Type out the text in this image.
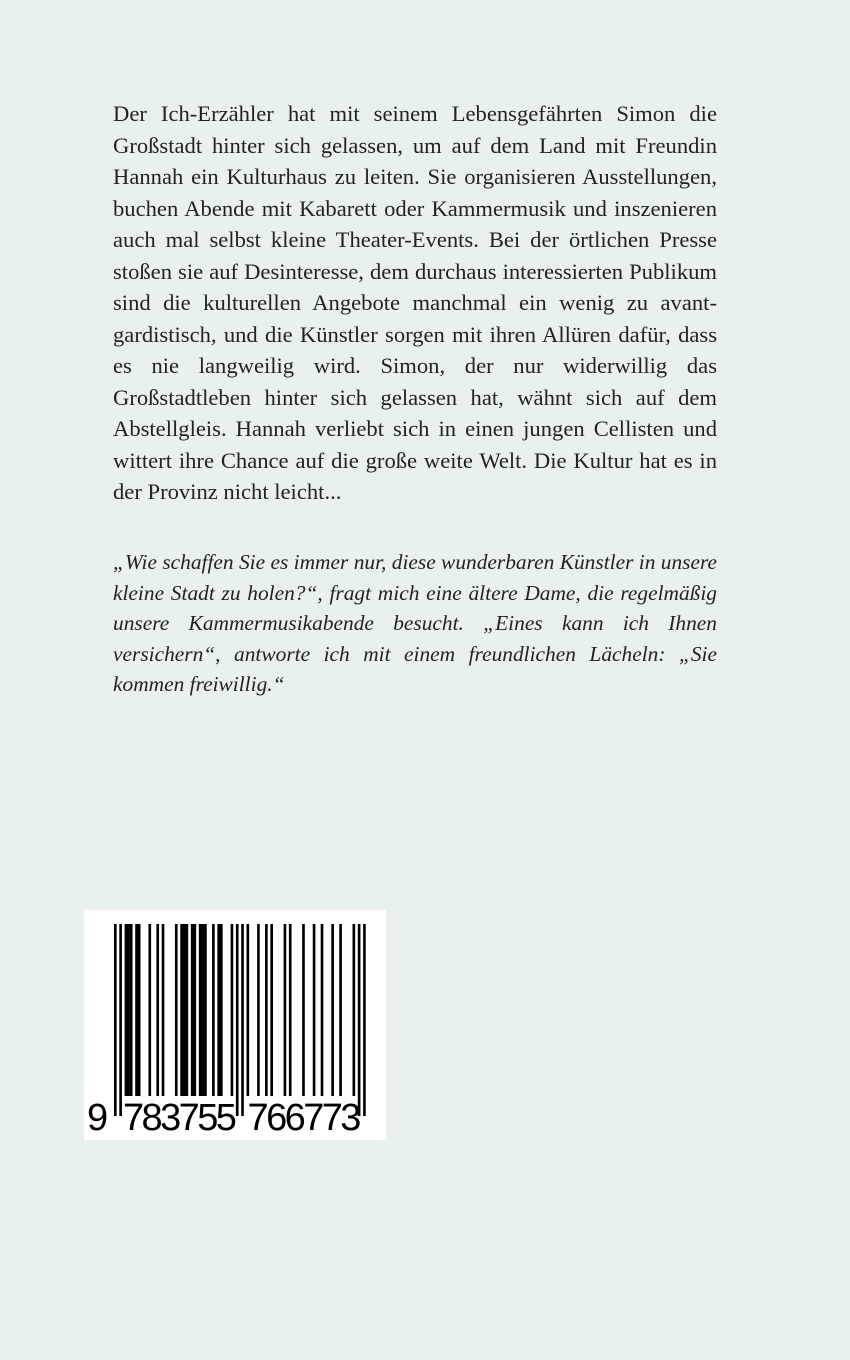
Der Ich-Erzähler hat mit seinem Lebensgefährten Simon die Großstadt hinter sich gelassen, um auf dem Land mit Freundin Hannah ein Kulturhaus zu leiten. Sie organisieren Ausstellungen, buchen Abende mit Kabarett oder Kammermusik und inszenieren auch mal selbst kleine Theater-Events. Bei der örtlichen Presse stoßen sie auf Desinteresse, dem durchaus interessierten Publikum sind die kulturellen Angebote manchmal ein wenig zu avantgardistisch, und die Künstler sorgen mit ihren Allüren dafür, dass es nie langweilig wird. Simon, der nur widerwillig das Großstadtleben hinter sich gelassen hat, wähnt sich auf dem Abstellgleis. Hannah verliebt sich in einen jungen Cellisten und wittert ihre Chance auf die große weite Welt. Die Kultur hat es in der Provinz nicht leicht...

„Wie schaffen Sie es immer nur, diese wunderbaren Künstler in unsere kleine Stadt zu holen?“, fragt mich eine ältere Dame, die regelmäßig unsere Kammermusikabende besucht. „Eines kann ich Ihnen versichern“, antworte ich mit einem freundlichen Lächeln: „Sie kommen freiwillig.“

9 7
8
3
7
5
5 7
6
6
7
7
3
